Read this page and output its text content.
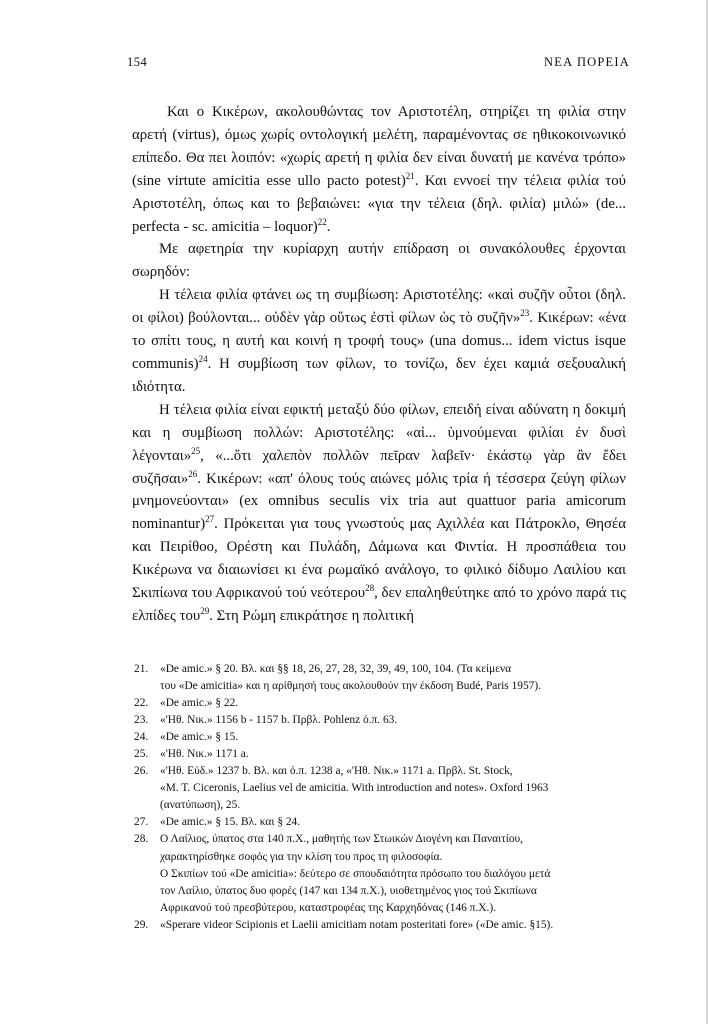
154	ΝΕΑ ΠΟΡΕΙΑ

Και ο Κικέρων, ακολουθώντας τον Αριστοτέλη, στηρίζει τη φιλία στην αρετή (virtus), όμως χωρίς οντολογική μελέτη, παραμένοντας σε ηθικοκοινωνικό επίπεδο. Θα πει λοιπόν: «χωρίς αρετή η φιλία δεν είναι δυνατή με κανένα τρόπο» (sine virtute amicitia esse ullo pacto potest)$^{21}$. Και εννοεί την τέλεια φιλία τού Αριστοτέλη, όπως και το βεβαιώνει: «για την τέλεια (δηλ. φιλία) μιλώ» (de... perfecta - sc. amicitia – loquor)$^{22}$.

Με αφετηρία την κυρίαρχη αυτήν επίδραση οι συνακόλουθες έρχονται σωρηδόν:

Η τέλεια φιλία φτάνει ως τη συμβίωση: Αριστοτέλης: «καὶ συζῆν οὗτοι (δηλ. οι φίλοι) βούλονται... οὐδὲν γὰρ οὕτως ἐστὶ φίλων ὡς τὸ συζῆν»$^{23}$. Κικέρων: «ένα το σπίτι τους, η αυτή και κοινή η τροφή τους» (una domus... idem victus isque communis)$^{24}$. Η συμβίωση των φίλων, το τονίζω, δεν έχει καμιά σεξουαλική ιδιότητα.

Η τέλεια φιλία είναι εφικτή μεταξύ δύο φίλων, επειδή είναι αδύνατη η δοκιμή και η συμβίωση πολλών: Αριστοτέλης: «αἱ... ὑμνούμεναι φιλίαι ἐν δυσὶ λέγονται»$^{25}$, «...ὅτι χαλεπὸν πολλῶν πεῖραν λαβεῖν· ἑκάστῳ γὰρ ἂν ἔδει συζῆσαι»$^{26}$. Κικέρων: «απ' όλους τούς αιώνες μόλις τρία ή τέσσερα ζεύγη φίλων μνημονεύονται» (ex omnibus seculis vix tria aut quattuor paria amicorum nominantur)$^{27}$. Πρόκειται για τους γνωστούς μας Αχιλλέα και Πάτροκλο, Θησέα και Πειρίθοο, Ορέστη και Πυλάδη, Δάμωνα και Φιντία. Η προσπάθεια του Κικέρωνα να διαιωνίσει κι ένα ρωμαϊκό ανάλογο, το φιλικό δίδυμο Λαιλίου και Σκιπίωνα του Αφρικανού τού νεότερου$^{28}$, δεν επαληθεύτηκε από το χρόνο παρά τις ελπίδες του$^{29}$. Στη Ρώμη επικράτησε η πολιτική

21. «De amic.» § 20. Βλ. και §§ 18, 26, 27, 28, 32, 39, 49, 100, 104. (Τα κείμενα
του «De amicitia» και η αρίθμησή τους ακολουθούν την έκδοση Budé, Paris 1957).
22. «De amic.» § 22.
23. «'Ηθ. Νικ.» 1156 b - 1157 b. Πρβλ. Pohlenz ό.π. 63.
24. «De amic.» § 15.
25. «'Ηθ. Νικ.» 1171 a.
26. «'Ηθ. Εὐδ.» 1237 b. Βλ. και ό.π. 1238 a, «'Ηθ. Νικ.» 1171 a. Πρβλ. St. Stock,
«M. T. Ciceronis, Laelius vel de amicitia. With introduction and notes». Oxford 1963
(ανατύπωση), 25.
27. «De amic.» § 15. Βλ. και § 24.
28. Ο Λαίλιος, ύπατος στα 140 π.Χ., μαθητής των Στωικών Διογένη και Παναιτίου,
χαρακτηρίσθηκε σοφός για την κλίση του προς τη φιλοσοφία.
Ο Σκιπίων τού «De amicitia»: δεύτερο σε σπουδαιότητα πρόσωπο του διαλόγου μετά
τον Λαίλιο, ύπατος δυο φορές (147 και 134 π.Χ.), υιοθετημένος γιος τού Σκιπίωνα
Αφρικανού τού πρεσβύτερου, καταστροφέας της Καρχηδόνας (146 π.Χ.).
29. «Sperare videor Scipionis et Laelii amicitiam notam posteritati fore» («De amic. §15).
